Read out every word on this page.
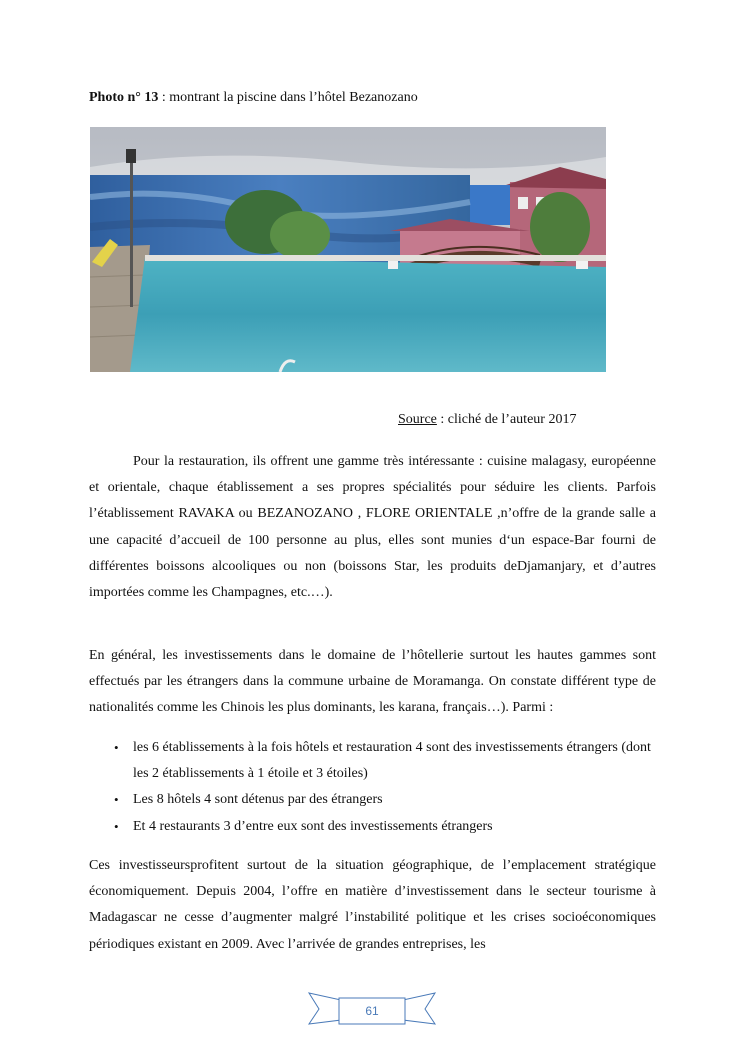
Photo n° 13 : montrant la piscine dans l’hôtel Bezanozano
Source : cliché de l’auteur 2017

Pour la restauration, ils offrent une gamme très intéressante : cuisine malagasy, européenne et orientale, chaque établissement a ses propres spécialités pour séduire les clients. Parfois l’établissement RAVAKA ou BEZANOZANO , FLORE ORIENTALE ,n’offre de la grande salle a une capacité d’accueil de 100 personne au plus, elles sont munies d‘un espace-Bar fourni de différentes boissons alcooliques ou non (boissons Star, les produits deDjamanjary, et d’autres importées comme les Champagnes, etc.…).

En général, les investissements dans le domaine de l’hôtellerie surtout les hautes gammes sont effectués par les étrangers dans la commune urbaine de Moramanga. On constate différent type de nationalités comme les Chinois les plus dominants, les karana, français…). Parmi :

• les 6 établissements à la fois hôtels et restauration 4 sont des investissements étrangers (dont les 2 établissements à 1 étoile et 3 étoiles)
• Les 8 hôtels 4 sont détenus par des étrangers
• Et 4 restaurants 3 d’entre eux sont des investissements étrangers

Ces investisseursprofitent surtout de la situation géographique, de l’emplacement stratégique économiquement. Depuis 2004, l’offre en matière d’investissement dans le secteur tourisme à Madagascar ne cesse d’augmenter malgré l’instabilité politique et les crises socioéconomiques périodiques existant en 2009. Avec l’arrivée de grandes entreprises, les

61
